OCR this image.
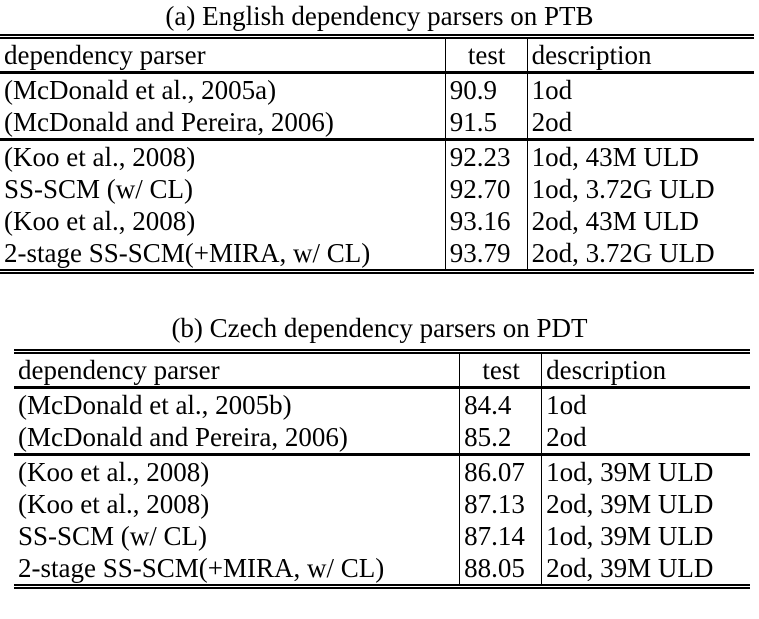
(a) English dependency parsers on PTB
dependency parser	test	description
(McDonald et al., 2005a)	90.9	1od
(McDonald and Pereira, 2006)	91.5	2od
(Koo et al., 2008)	92.23	1od, 43M ULD
SS-SCM (w/ CL)	92.70	1od, 3.72G ULD
(Koo et al., 2008)	93.16	2od, 43M ULD
2-stage SS-SCM(+MIRA, w/ CL)	93.79	2od, 3.72G ULD
(b) Czech dependency parsers on PDT
dependency parser	test	description
(McDonald et al., 2005b)	84.4	1od
(McDonald and Pereira, 2006)	85.2	2od
(Koo et al., 2008)	86.07	1od, 39M ULD
(Koo et al., 2008)	87.13	2od, 39M ULD
SS-SCM (w/ CL)	87.14	1od, 39M ULD
2-stage SS-SCM(+MIRA, w/ CL)	88.05	2od, 39M ULD
